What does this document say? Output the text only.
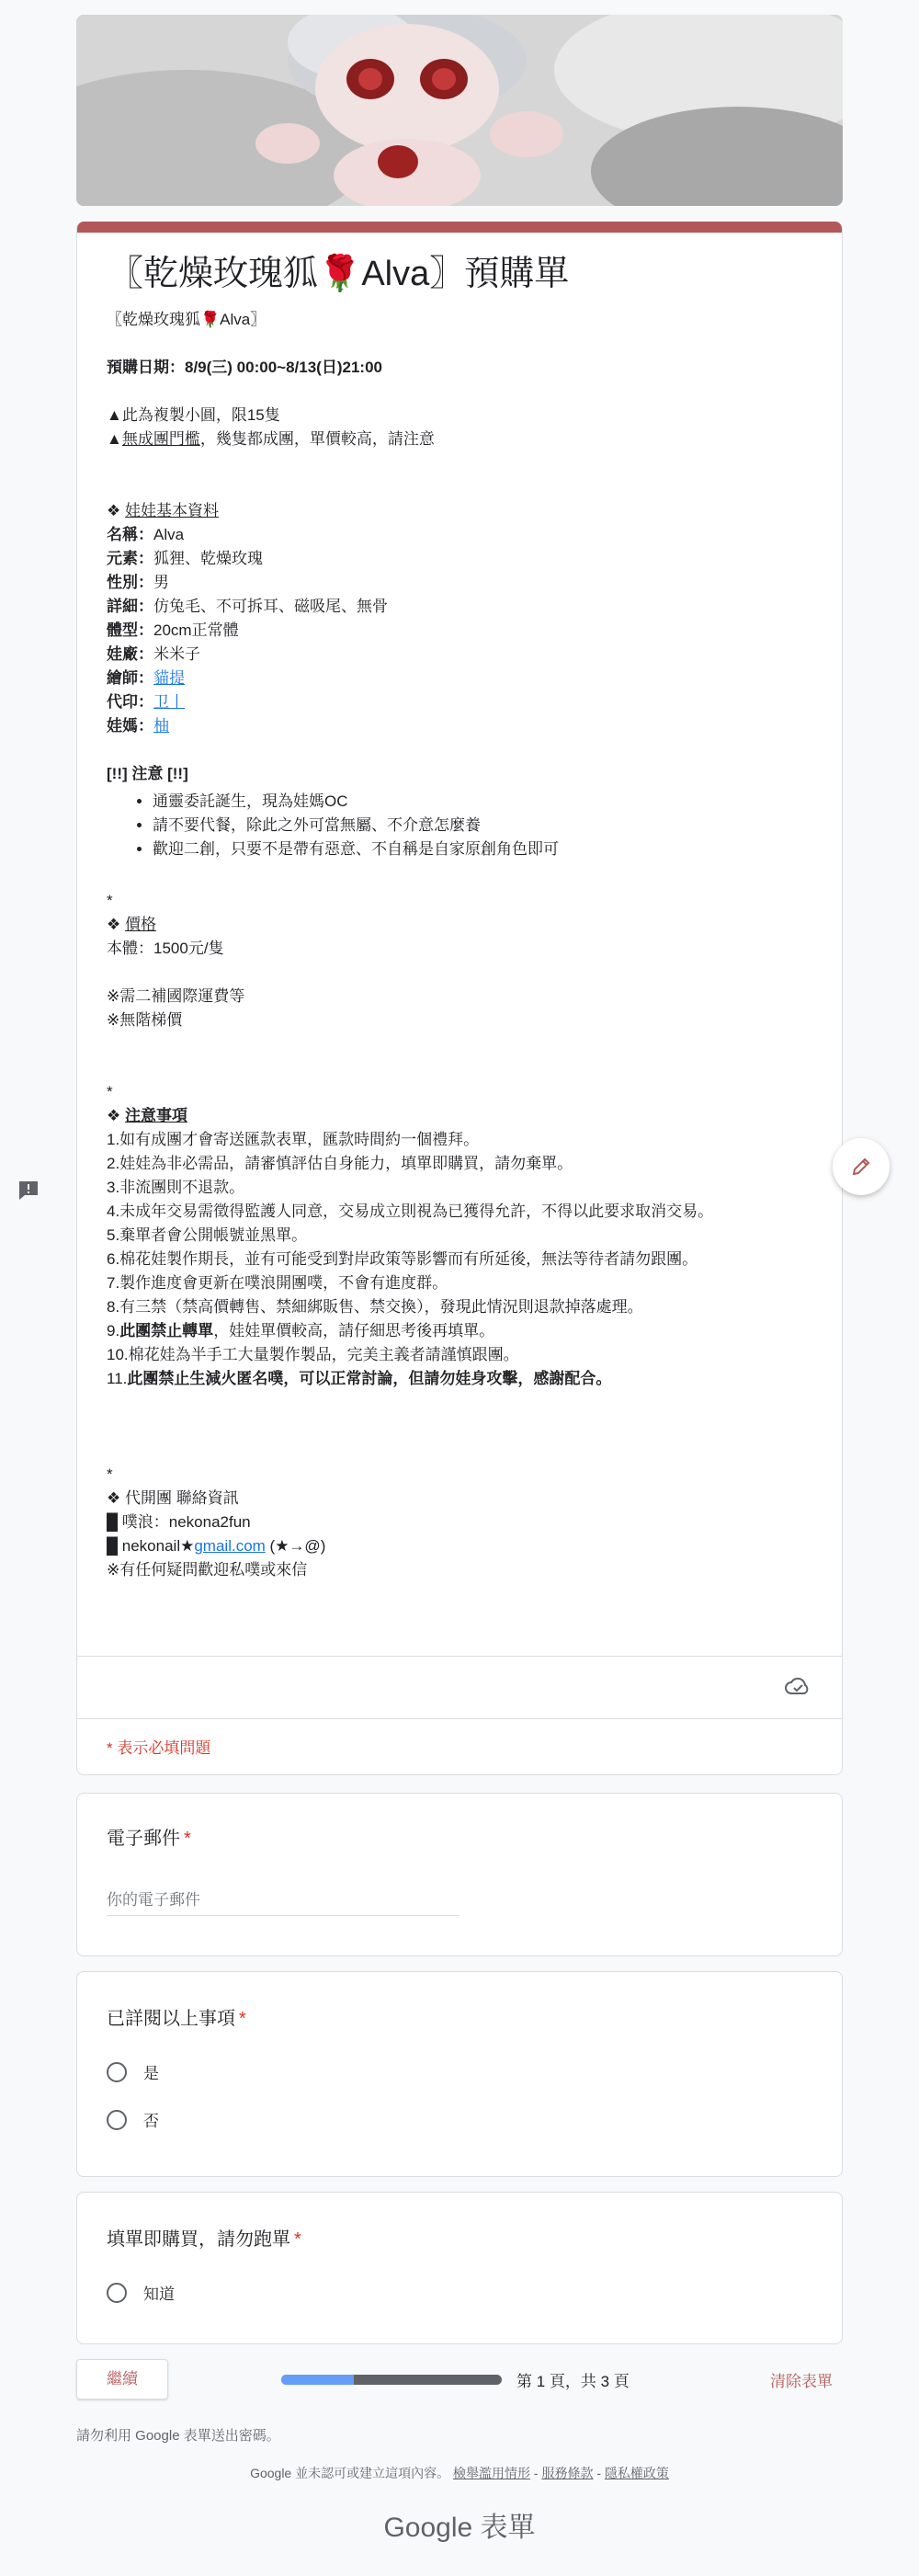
〖乾燥玫瑰狐🌹Alva〗預購單

〖乾燥玫瑰狐🌹Alva〗

預購日期：8/9(三) 00:00~8/13(日)21:00

▲此為複製小圓，限15隻

▲無成團門檻，幾隻都成團，單價較高，請注意

❖ 娃娃基本資料

名稱：Alva

元素：狐狸、乾燥玫瑰

性別：男

詳細：仿兔毛、不可拆耳、磁吸尾、無骨

體型：20cm正常體

娃廠：米米子

繪師：貓提

代印：卫丨

娃媽：柚

[!!] 注意 [!!]

• 通靈委託誕生，現為娃媽OC
• 請不要代餐，除此之外可當無屬、不介意怎麼養
• 歡迎二創，只要不是帶有惡意、不自稱是自家原創角色即可

*

❖ 價格

本體：1500元/隻

※需二補國際運費等

※無階梯價

*

❖ 注意事項

1.如有成團才會寄送匯款表單，匯款時間約一個禮拜。

2.娃娃為非必需品，請審慎評估自身能力，填單即購買，請勿棄單。

3.非流團則不退款。

4.未成年交易需徵得監護人同意，交易成立則視為已獲得允許，不得以此要求取消交易。

5.棄單者會公開帳號並黑單。

6.棉花娃製作期長，並有可能受到對岸政策等影響而有所延後，無法等待者請勿跟團。

7.製作進度會更新在噗浪開團噗，不會有進度群。

8.有三禁（禁高價轉售、禁細綁販售、禁交換），發現此情況則退款掉落處理。

9.此團禁止轉單，娃娃單價較高，請仔細思考後再填單。

10.棉花娃為半手工大量製作製品，完美主義者請謹慎跟團。

11.此團禁止生減火匿名噗，可以正常討論，但請勿娃身攻擊，感謝配合。

*

❖ 代開團 聯絡資訊

█ 噗浪：nekona2fun

█ nekonail★gmail.com (★→@)

※有任何疑問歡迎私噗或來信

* 表示必填問題
電子郵件 *
你的電子郵件
已詳閱以上事項 *
是
否
填單即購買，請勿跑單 *
知道
繼續	第 1 頁，共 3 頁	清除表單
請勿利用 Google 表單送出密碼。
Google 並未認可或建立這項內容。 檢舉濫用情形 - 服務條款 - 隱私權政策
Google 表單
